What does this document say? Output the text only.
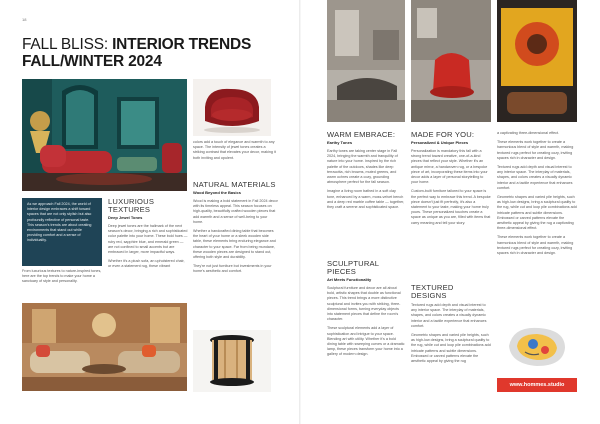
18
FALL BLISS: INTERIOR TRENDS
FALL/WINTER 2024
As we approach Fall 2024, the world of interior design embraces a shift toward spaces that are not only stylish but also profoundly reflective of personal taste. This season's trends are about creating environments that stand out while providing comfort and a sense of individuality.
From luxurious textures to nature-inspired tones, here are the top trends to make your home a sanctuary of style and personality.
LUXURIOUS TEXTURES
Deep Jewel Tones

Deep jewel tones are the hallmark of the next season's decor, bringing a rich and sophisticated color palette into your home. These bold hues — ruby red, sapphire blue, and emerald green — are not confined to small accents but are embraced in larger, more impactful ways.

Whether it's a plush sofa, an upholstered chair, or even a statement rug, these vibrant

colors add a touch of elegance and warmth to any space. The intensity of jewel tones creates a striking contrast that elevates your decor, making it both inviting and opulent.
NATURAL MATERIALS
Wood Beyond the Basics

Wood is making a bold statement in Fall 2024 decor with its timeless appeal. This season focuses on high-quality, beautifully crafted wooden pieces that add warmth and a sense of well-being to your home.

Whether a handcrafted dining table that becomes the heart of your home or a sleek wooden side table, these elements bring enduring elegance and character to your space. Far from being mundane, these wooden pieces are designed to stand out, offering both style and durability.

They're not just furniture but investments in your home's aesthetic and comfort.

WARM EMBRACE:
Earthy Tones

Earthy tones are taking center stage in Fall 2024, bringing the warmth and tranquility of nature into your home. Inspired by the rich palette of the outdoors, shades like deep terracotta, rich browns, muted greens, and warm ochres create a cozy, grounding atmosphere perfect for the fall season.

Imagine a living room bathed in a soft clay tone, enhanced by a warm, moss-velvet bench and a deep red marble coffee table — together, they craft a serene and sophisticated space.

SCULPTURAL PIECES
Art Meets Functionality

Sculptural furniture and decor are all about bold, artistic shapes that double as functional pieces. This trend brings a more distinctive sculptural and invites you with striking, three-dimensional forms, turning everyday objects into statement pieces that define the room's character.

These sculptural elements add a layer of sophistication and intrigue to your space. Blending art with utility. Whether it's a bold dining table with sweeping curves or a dramatic lamp, these pieces transform your home into a gallery of modern design.

MADE FOR YOU:
Personalized & Unique Pieces

Personalization is mandatory this fall with a strong trend toward creative, one-of-a-kind pieces that reflect your style. Whether it's an antique mirror, a handwoven rug, or a bespoke piece of art, incorporating these items into your decor adds a layer of personal storytelling to your home.

Custom-built furniture tailored to your space is the perfect way to embrace this trend. A bespoke piece doesn't just fit perfectly, it's also a statement to your taste, making your home truly yours. These personalized touches create a space as unique as you are, filled with items that carry meaning and tell your story.

TEXTURED DESIGNS

Textured rugs add depth and visual interest to any interior space. The interplay of materials, shapes, and colors creates a visually dynamic interior and a tactile experience that enhances comfort.

Geometric shapes and varied pile heights, such as high-low designs, bring a sculptural quality to the rug, while cut and loop pile combinations add intricate patterns and subtle dimensions. Embossed or carved patterns elevate the aesthetic appeal by giving the rug

a captivating three-dimensional effect.

These elements work together to create a harmonious blend of style and warmth, making textured rugs perfect for creating cozy, inviting spaces rich in character and design.

Textured rugs add depth and visual interest to any interior space. The interplay of materials, shapes, and colors creates a visually dynamic interior and a tactile experience that enhances comfort.

Geometric shapes and varied pile heights, such as high-low designs, bring a sculptural quality to the rug, while cut and loop pile combinations add intricate patterns and subtle dimensions. Embossed or carved patterns elevate the aesthetic appeal by giving the rug a captivating three-dimensional effect.

These elements work together to create a harmonious blend of style and warmth, making textured rugs perfect for creating cozy, inviting spaces rich in character and design.

www.hommes.studio
